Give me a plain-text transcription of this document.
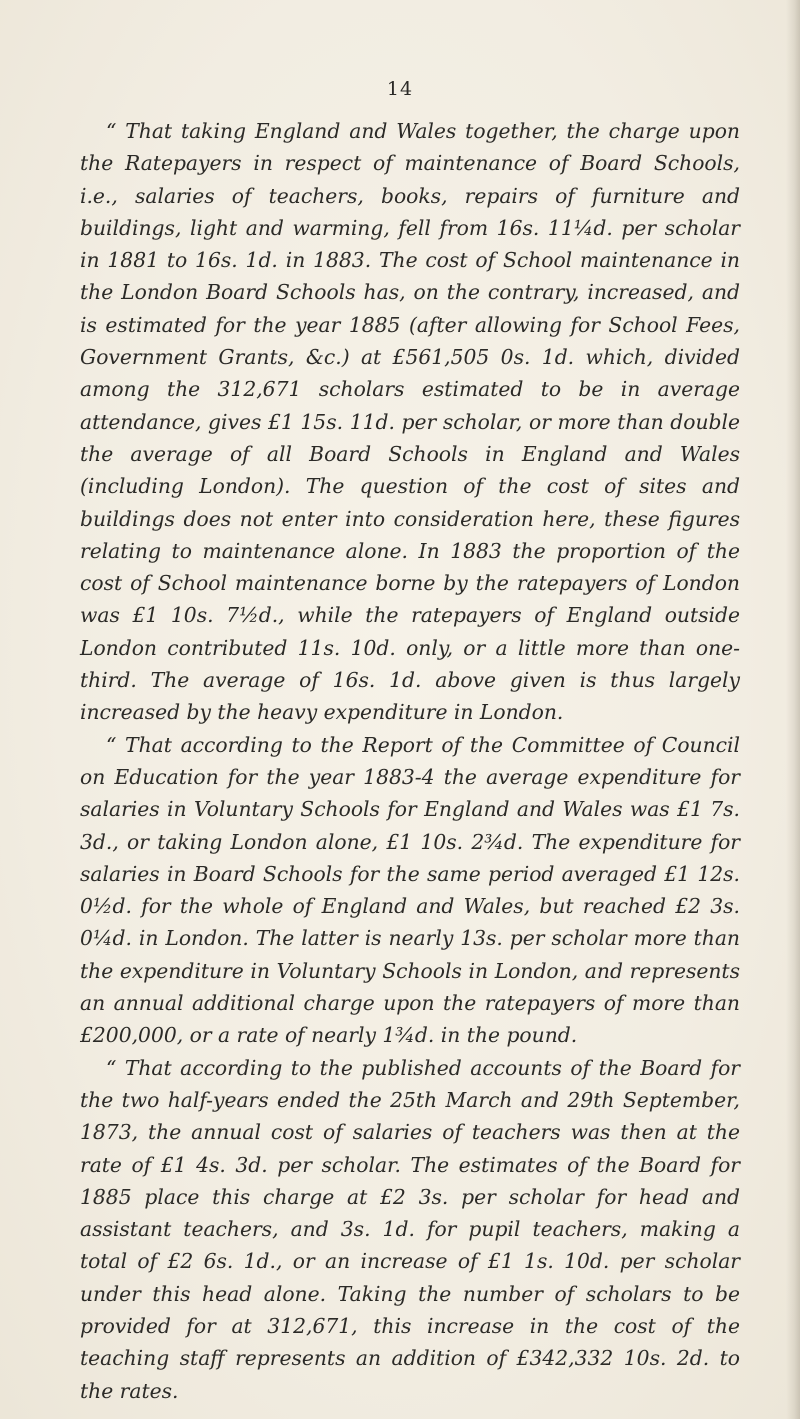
14

“ That taking England and Wales together, the charge upon the Ratepayers in respect of maintenance of Board Schools, i.e., salaries of teachers, books, repairs of furniture and buildings, light and warming, fell from 16s. 11¼d. per scholar in 1881 to 16s. 1d. in 1883. The cost of School maintenance in the London Board Schools has, on the contrary, increased, and is estimated for the year 1885 (after allowing for School Fees, Government Grants, &c.) at £561,505 0s. 1d. which, divided among the 312,671 scholars estimated to be in average attendance, gives £1 15s. 11d. per scholar, or more than double the average of all Board Schools in England and Wales (including London). The question of the cost of sites and buildings does not enter into consideration here, these figures relating to maintenance alone. In 1883 the proportion of the cost of School maintenance borne by the ratepayers of London was £1 10s. 7½d., while the ratepayers of England outside London contributed 11s. 10d. only, or a little more than one-third. The average of 16s. 1d. above given is thus largely increased by the heavy expenditure in London.

“ That according to the Report of the Committee of Council on Education for the year 1883-4 the average expenditure for salaries in Voluntary Schools for England and Wales was £1 7s. 3d., or taking London alone, £1 10s. 2¾d. The expenditure for salaries in Board Schools for the same period averaged £1 12s. 0½d. for the whole of England and Wales, but reached £2 3s. 0¼d. in London. The latter is nearly 13s. per scholar more than the expenditure in Voluntary Schools in London, and represents an annual additional charge upon the ratepayers of more than £200,000, or a rate of nearly 1¾d. in the pound.

“ That according to the published accounts of the Board for the two half-years ended the 25th March and 29th September, 1873, the annual cost of salaries of teachers was then at the rate of £1 4s. 3d. per scholar. The estimates of the Board for 1885 place this charge at £2 3s. per scholar for head and assistant teachers, and 3s. 1d. for pupil teachers, making a total of £2 6s. 1d., or an increase of £1 1s. 10d. per scholar under this head alone. Taking the number of scholars to be provided for at 312,671, this increase in the cost of the teaching staff represents an addition of £342,332 10s. 2d. to the rates.
